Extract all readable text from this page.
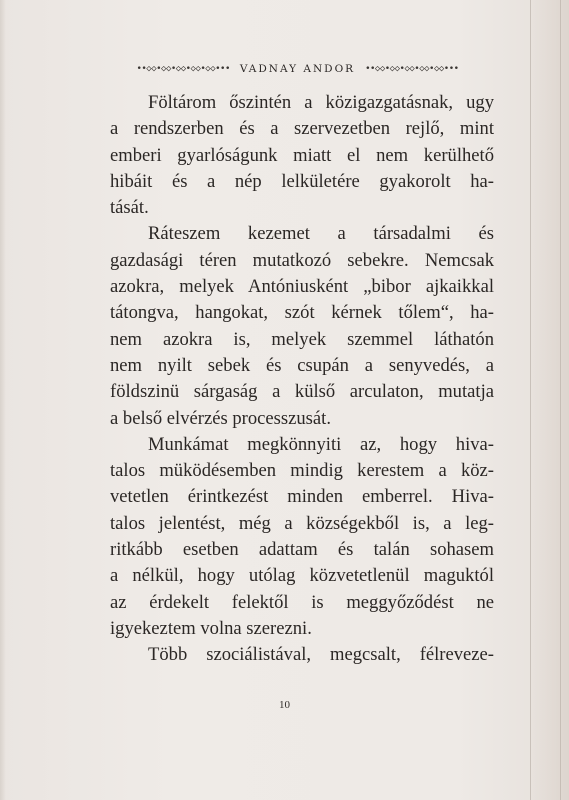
••◇◇•◇◇•◇◇•◇◇•◇◇••• VADNAY ANDOR ••◇◇•◇◇•◇◇•◇◇•◇◇•••
Föltárom őszintén a közigazgatásnak, ugy
a rendszerben és a szervezetben rejlő, mint
emberi gyarlóságunk miatt el nem kerülhető
hibáit és a nép lelkületére gyakorolt ha-
tását.
Ráteszem kezemet a társadalmi és
gazdasági téren mutatkozó sebekre. Nemcsak
azokra, melyek Antóniusként „bibor ajkaikkal
tátongva, hangokat, szót kérnek tőlem“, ha-
nem azokra is, melyek szemmel láthatón
nem nyilt sebek és csupán a senyvedés, a
földszinü sárgaság a külső arculaton, mutatja
a belső elvérzés processzusát.
Munkámat megkönnyiti az, hogy hiva-
talos müködésemben mindig kerestem a köz-
vetetlen érintkezést minden emberrel. Hiva-
talos jelentést, még a községekből is, a leg-
ritkább esetben adattam és talán sohasem
a nélkül, hogy utólag közvetetlenül maguktól
az érdekelt felektől is meggyőződést ne
igyekeztem volna szerezni.
Több szociálistával, megcsalt, félreveze-
10
